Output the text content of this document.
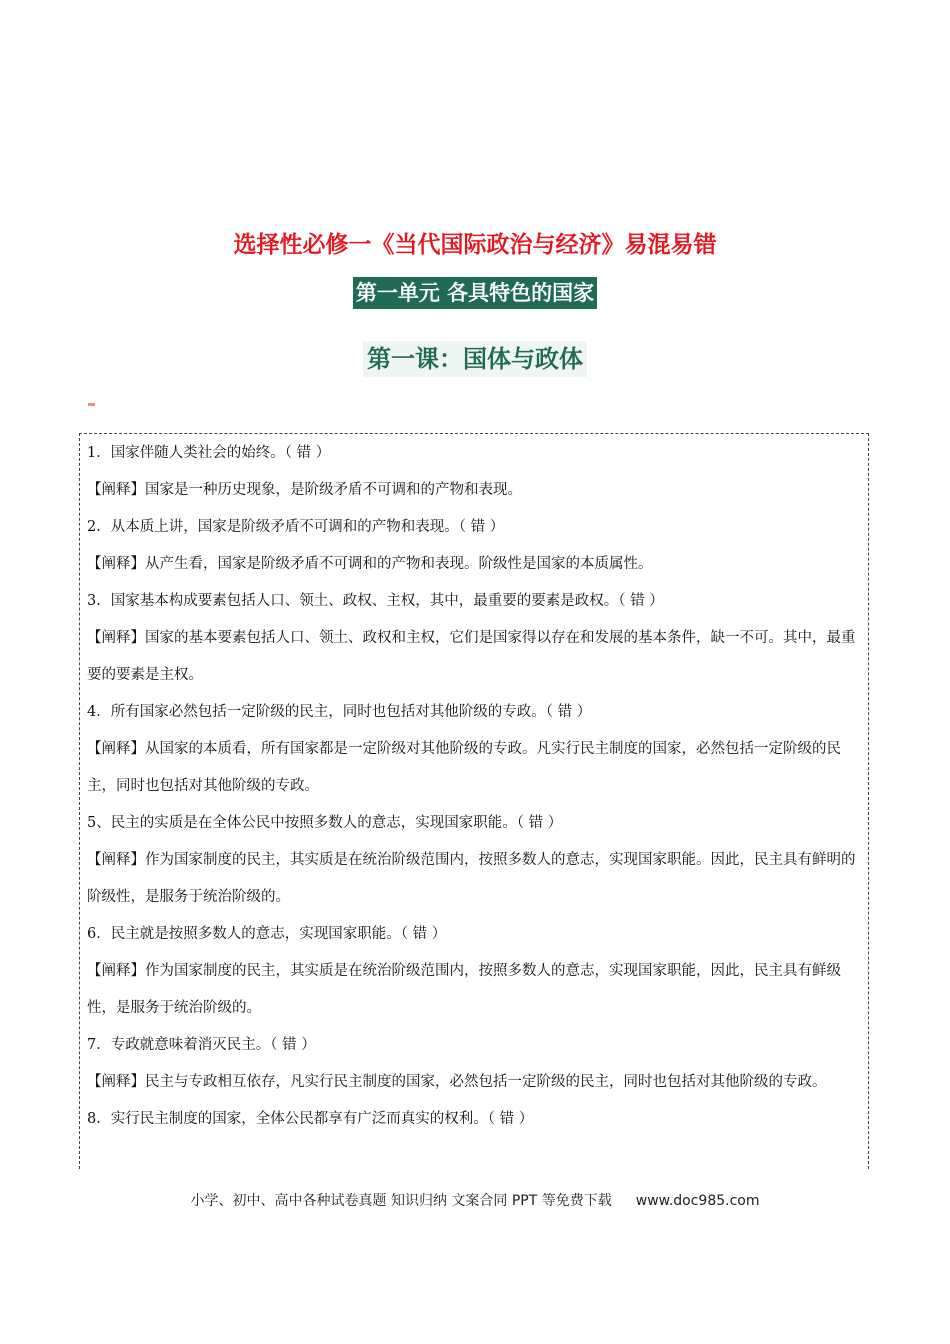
选择性必修一《当代国际政治与经济》易混易错
第一单元 各具特色的国家
第一课：国体与政体
1．国家伴随人类社会的始终。（ 错 ）
【阐释】国家是一种历史现象，是阶级矛盾不可调和的产物和表现。
2．从本质上讲，国家是阶级矛盾不可调和的产物和表现。（ 错 ）
【阐释】从产生看，国家是阶级矛盾不可调和的产物和表现。阶级性是国家的本质属性。
3．国家基本构成要素包括人口、领土、政权、主权，其中，最重要的要素是政权。（ 错 ）
【阐释】国家的基本要素包括人口、领土、政权和主权，它们是国家得以存在和发展的基本条件，缺一不可。其中，最重要的要素是主权。
4．所有国家必然包括一定阶级的民主，同时也包括对其他阶级的专政。（ 错 ）
【阐释】从国家的本质看，所有国家都是一定阶级对其他阶级的专政。凡实行民主制度的国家，必然包括一定阶级的民主，同时也包括对其他阶级的专政。
5、民主的实质是在全体公民中按照多数人的意志，实现国家职能。（ 错 ）
【阐释】作为国家制度的民主，其实质是在统治阶级范围内，按照多数人的意志，实现国家职能。因此，民主具有鲜明的阶级性，是服务于统治阶级的。
6．民主就是按照多数人的意志，实现国家职能。（ 错 ）
【阐释】作为国家制度的民主，其实质是在统治阶级范围内，按照多数人的意志，实现国家职能，因此，民主具有鲜级性，是服务于统治阶级的。
7．专政就意味着消灭民主。（ 错 ）
【阐释】民主与专政相互依存，凡实行民主制度的国家，必然包括一定阶级的民主，同时也包括对其他阶级的专政。
8．实行民主制度的国家，全体公民都享有广泛而真实的权利。（ 错 ）
小学、初中、高中各种试卷真题 知识归纳 文案合同 PPT 等免费下载 www.doc985.com
